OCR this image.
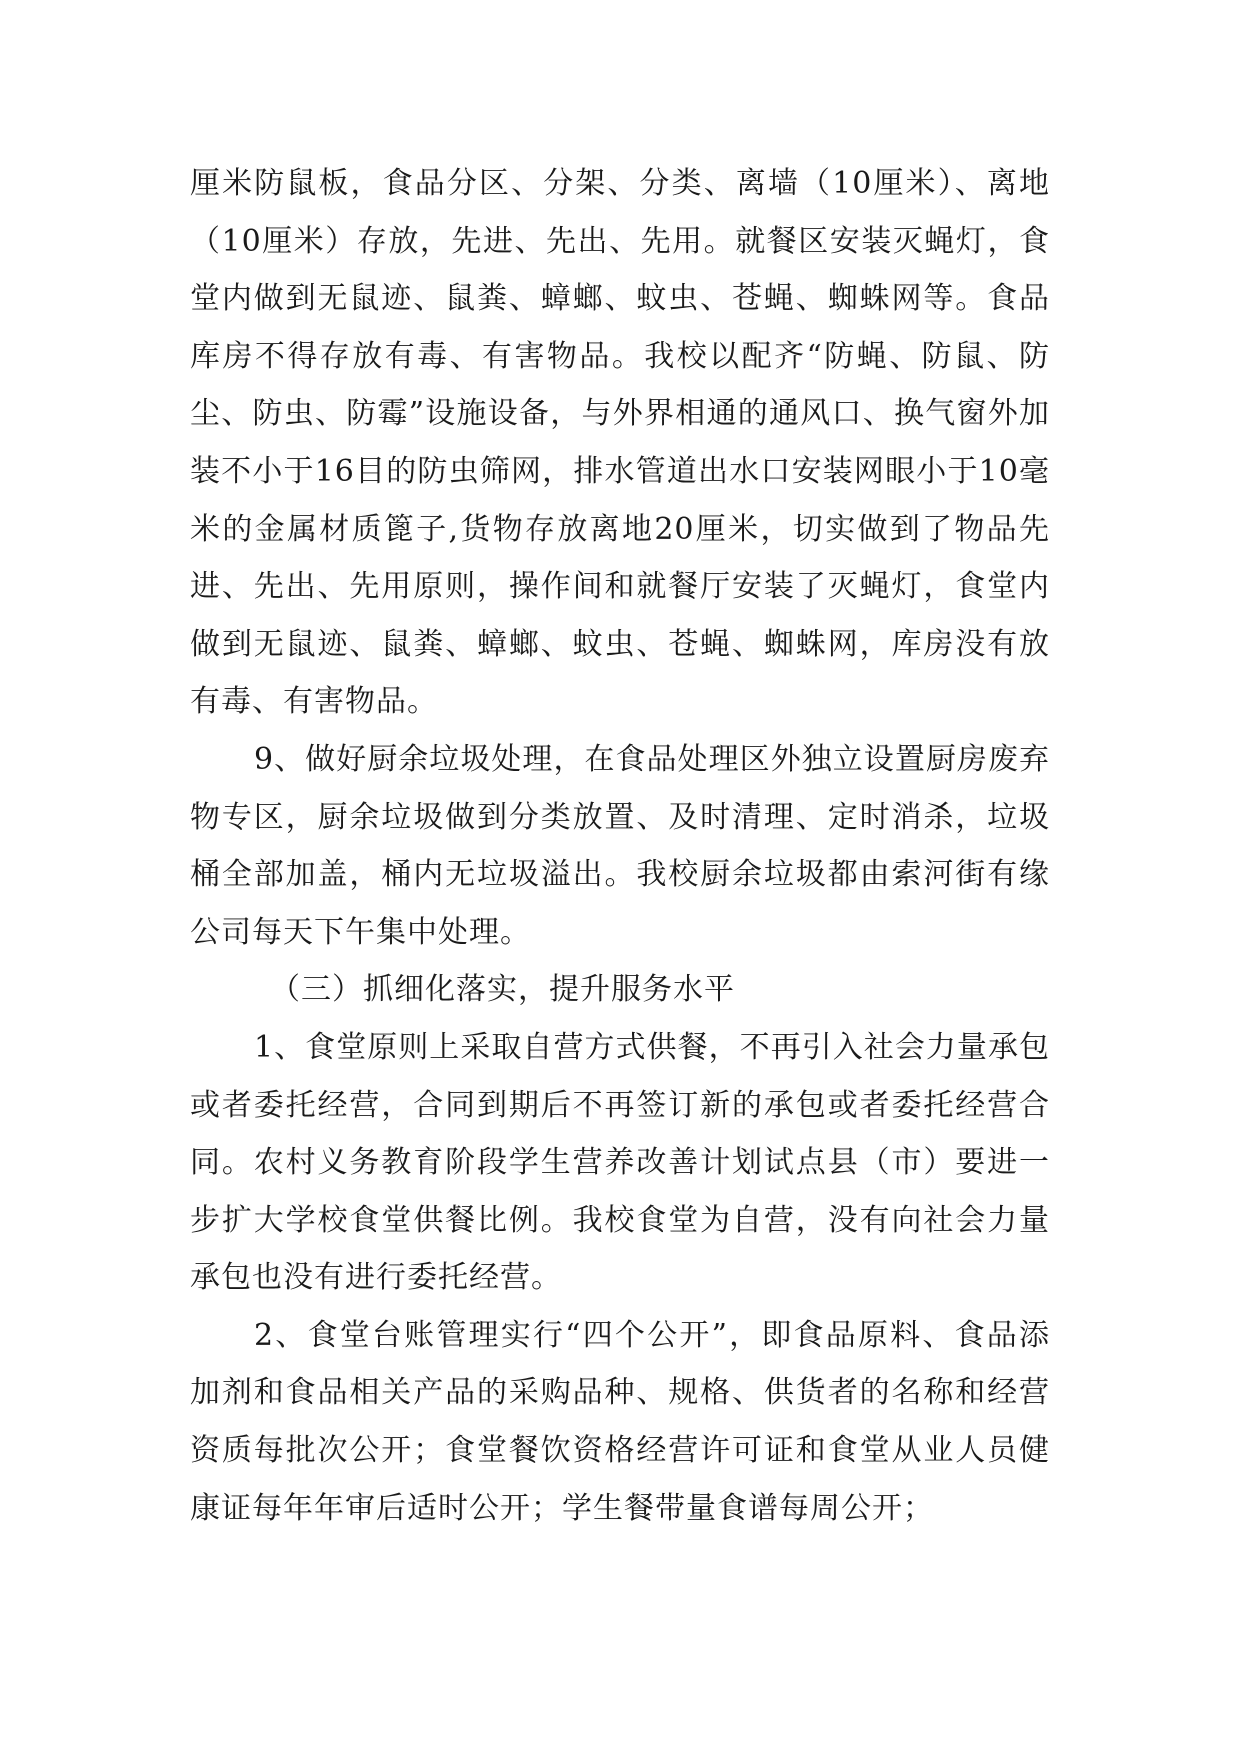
厘米防鼠板，食品分区、分架、分类、离墙（10厘米）、离地（10厘米）存放，先进、先出、先用。就餐区安装灭蝇灯，食堂内做到无鼠迹、鼠粪、蟑螂、蚊虫、苍蝇、蜘蛛网等。食品库房不得存放有毒、有害物品。我校以配齐“防蝇、防鼠、防尘、防虫、防霉”设施设备，与外界相通的通风口、换气窗外加装不小于16目的防虫筛网，排水管道出水口安装网眼小于10毫米的金属材质篦子,货物存放离地20厘米，切实做到了物品先进、先出、先用原则，操作间和就餐厅安装了灭蝇灯，食堂内做到无鼠迹、鼠粪、蟑螂、蚊虫、苍蝇、蜘蛛网，库房没有放有毒、有害物品。

9、做好厨余垃圾处理，在食品处理区外独立设置厨房废弃物专区，厨余垃圾做到分类放置、及时清理、定时消杀，垃圾桶全部加盖，桶内无垃圾溢出。我校厨余垃圾都由索河街有缘公司每天下午集中处理。

（三）抓细化落实，提升服务水平

1、食堂原则上采取自营方式供餐，不再引入社会力量承包或者委托经营，合同到期后不再签订新的承包或者委托经营合同。农村义务教育阶段学生营养改善计划试点县（市）要进一步扩大学校食堂供餐比例。我校食堂为自营，没有向社会力量承包也没有进行委托经营。

2、食堂台账管理实行“四个公开”，即食品原料、食品添加剂和食品相关产品的采购品种、规格、供货者的名称和经营资质每批次公开；食堂餐饮资格经营许可证和食堂从业人员健康证每年年审后适时公开；学生餐带量食谱每周公开；
